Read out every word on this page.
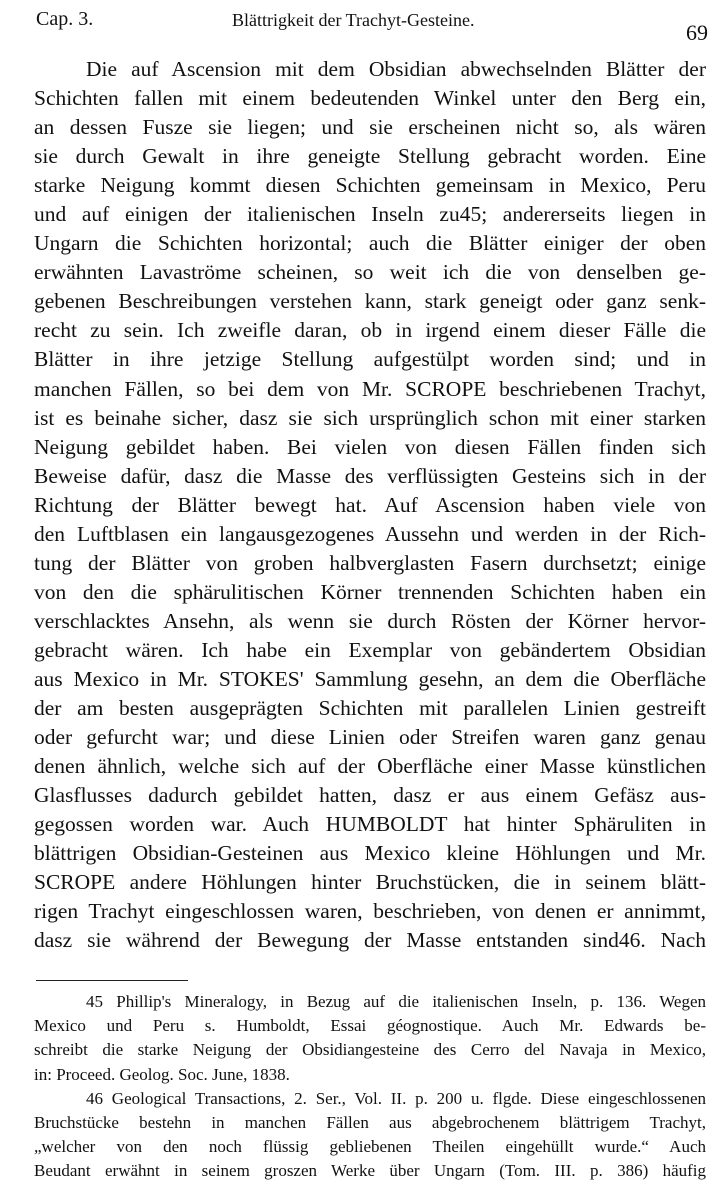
Cap. 3.	Blättrigkeit der Trachyt-Gesteine.	69
Die auf Ascension mit dem Obsidian abwechselnden Blätter der
Schichten fallen mit einem bedeutenden Winkel unter den Berg ein,
an dessen Fusze sie liegen; und sie erscheinen nicht so, als wären
sie durch Gewalt in ihre geneigte Stellung gebracht worden. Eine
starke Neigung kommt diesen Schichten gemeinsam in Mexico, Peru
und auf einigen der italienischen Inseln zu45; andererseits liegen in
Ungarn die Schichten horizontal; auch die Blätter einiger der oben
erwähnten Lavaströme scheinen, so weit ich die von denselben ge-
gebenen Beschreibungen verstehen kann, stark geneigt oder ganz senk-
recht zu sein. Ich zweifle daran, ob in irgend einem dieser Fälle die
Blätter in ihre jetzige Stellung aufgestülpt worden sind; und in
manchen Fällen, so bei dem von Mr. SCROPE beschriebenen Trachyt,
ist es beinahe sicher, dasz sie sich ursprünglich schon mit einer starken
Neigung gebildet haben. Bei vielen von diesen Fällen finden sich
Beweise dafür, dasz die Masse des verflüssigten Gesteins sich in der
Richtung der Blätter bewegt hat. Auf Ascension haben viele von
den Luftblasen ein langausgezogenes Aussehn und werden in der Rich-
tung der Blätter von groben halbverglasten Fasern durchsetzt; einige
von den die sphärulitischen Körner trennenden Schichten haben ein
verschlacktes Ansehn, als wenn sie durch Rösten der Körner hervor-
gebracht wären. Ich habe ein Exemplar von gebändertem Obsidian
aus Mexico in Mr. STOKES' Sammlung gesehn, an dem die Oberfläche
der am besten ausgeprägten Schichten mit parallelen Linien gestreift
oder gefurcht war; und diese Linien oder Streifen waren ganz genau
denen ähnlich, welche sich auf der Oberfläche einer Masse künstlichen
Glasflusses dadurch gebildet hatten, dasz er aus einem Gefäsz aus-
gegossen worden war. Auch HUMBOLDT hat hinter Sphäruliten in
blättrigen Obsidian-Gesteinen aus Mexico kleine Höhlungen und Mr.
SCROPE andere Höhlungen hinter Bruchstücken, die in seinem blätt-
rigen Trachyt eingeschlossen waren, beschrieben, von denen er annimmt,
dasz sie während der Bewegung der Masse entstanden sind46. Nach
45 Phillip's Mineralogy, in Bezug auf die italienischen Inseln, p. 136. Wegen
Mexico und Peru s. Humboldt, Essai géognostique. Auch Mr. Edwards be-
schreibt die starke Neigung der Obsidiangesteine des Cerro del Navaja in Mexico,
in: Proceed. Geolog. Soc. June, 1838.
46 Geological Transactions, 2. Ser., Vol. II. p. 200 u. flgde. Diese eingeschlossenen
Bruchstücke bestehn in manchen Fällen aus abgebrochenem blättrigem Trachyt,
„welcher von den noch flüssig gebliebenen Theilen eingehüllt wurde.“ Auch
Beudant erwähnt in seinem groszen Werke über Ungarn (Tom. III. p. 386) häufig
